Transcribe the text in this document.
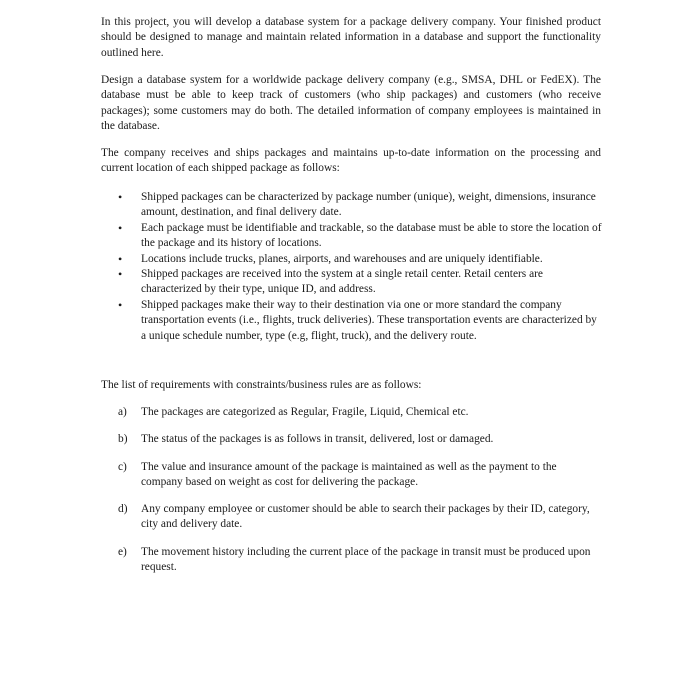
In this project, you will develop a database system for a package delivery company. Your finished product should be designed to manage and maintain related information in a database and support the functionality outlined here.

Design a database system for a worldwide package delivery company (e.g., SMSA, DHL or FedEX). The database must be able to keep track of customers (who ship packages) and customers (who receive packages); some customers may do both. The detailed information of company employees is maintained in the database.

The company receives and ships packages and maintains up-to-date information on the processing and current location of each shipped package as follows:

• Shipped packages can be characterized by package number (unique), weight, dimensions, insurance amount, destination, and final delivery date.
• Each package must be identifiable and trackable, so the database must be able to store the location of the package and its history of locations.
• Locations include trucks, planes, airports, and warehouses and are uniquely identifiable.
• Shipped packages are received into the system at a single retail center. Retail centers are characterized by their type, unique ID, and address.
• Shipped packages make their way to their destination via one or more standard the company transportation events (i.e., flights, truck deliveries). These transportation events are characterized by a unique schedule number, type (e.g, flight, truck), and the delivery route.

The list of requirements with constraints/business rules are as follows:

a) The packages are categorized as Regular, Fragile, Liquid, Chemical etc.
b) The status of the packages is as follows in transit, delivered, lost or damaged.
c) The value and insurance amount of the package is maintained as well as the payment to the company based on weight as cost for delivering the package.
d) Any company employee or customer should be able to search their packages by their ID, category, city and delivery date.
e) The movement history including the current place of the package in transit must be produced upon request.
